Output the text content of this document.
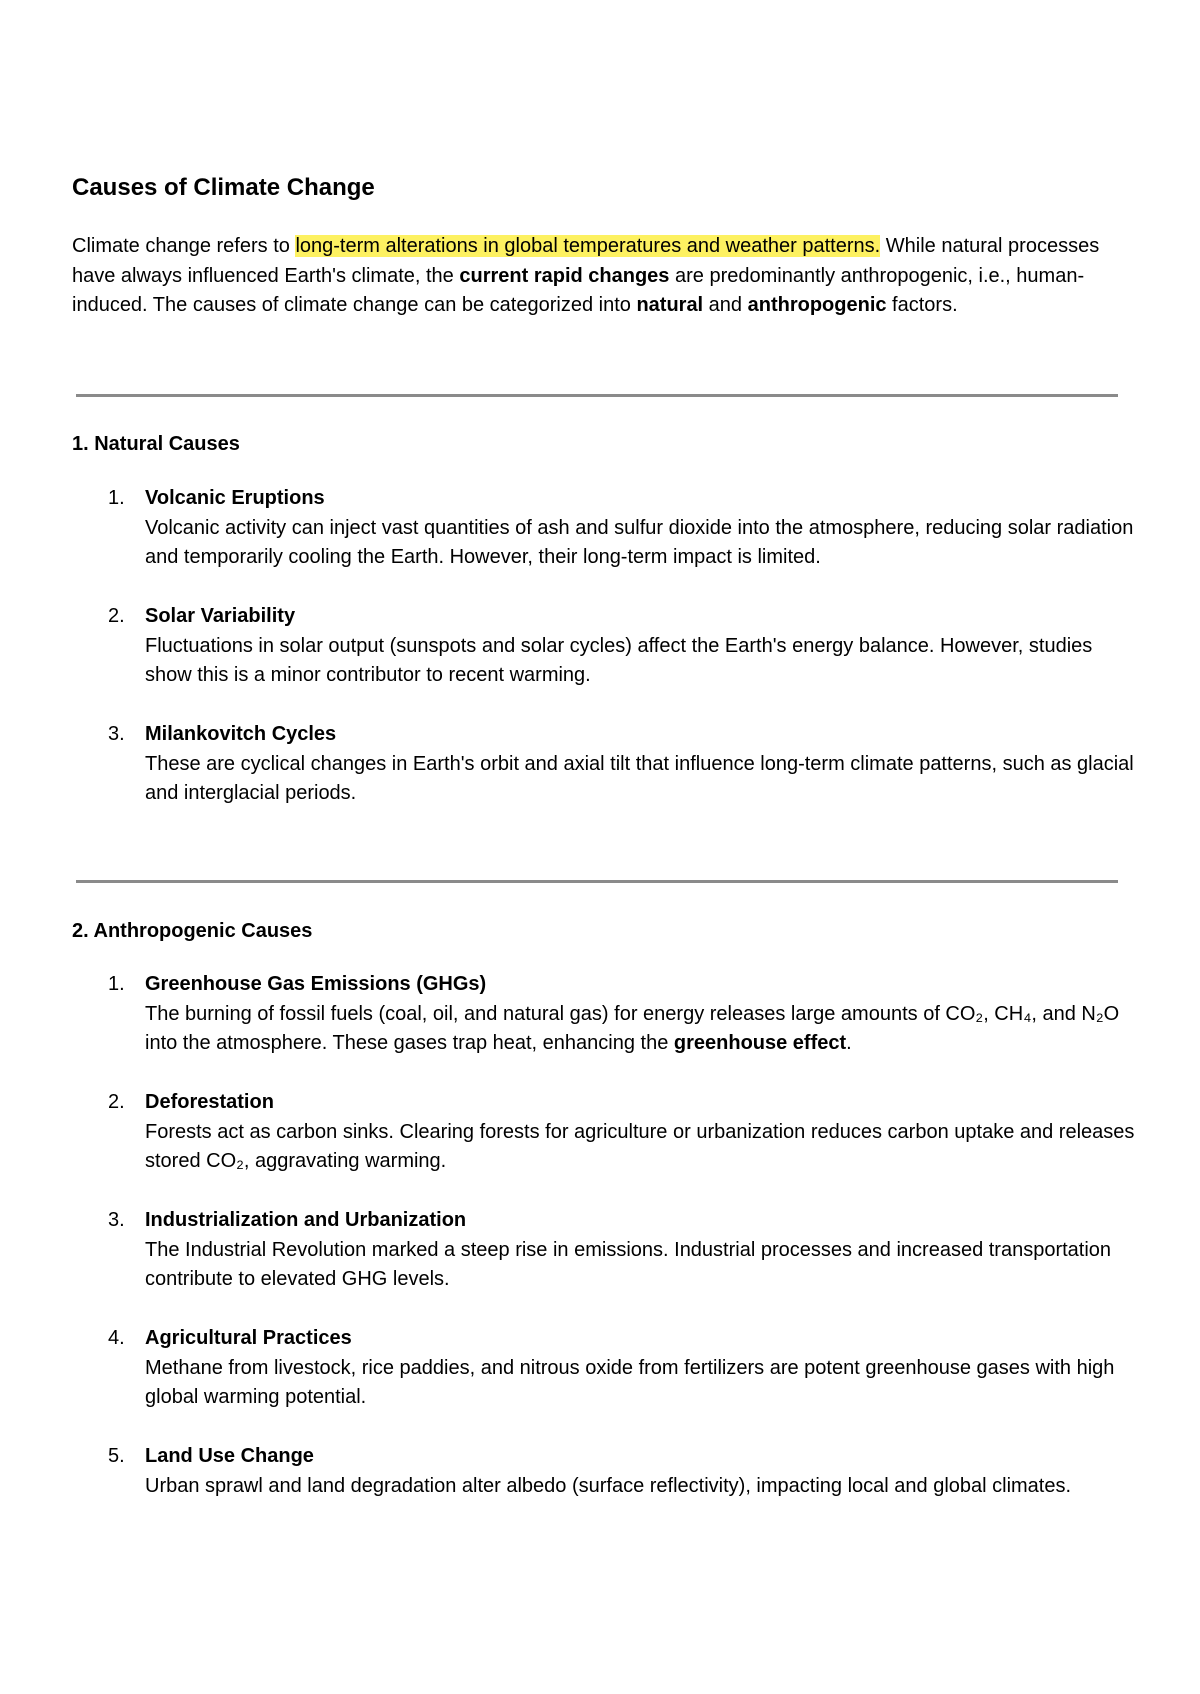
Causes of Climate Change

Climate change refers to long-term alterations in global temperatures and weather patterns. While natural processes have always influenced Earth's climate, the current rapid changes are predominantly anthropogenic, i.e., human-induced. The causes of climate change can be categorized into natural and anthropogenic factors.

1. Natural Causes
1.	Volcanic Eruptions
Volcanic activity can inject vast quantities of ash and sulfur dioxide into the atmosphere, reducing solar radiation and temporarily cooling the Earth. However, their long-term impact is limited.
2.	Solar Variability
Fluctuations in solar output (sunspots and solar cycles) affect the Earth's energy balance. However, studies show this is a minor contributor to recent warming.
3.	Milankovitch Cycles
These are cyclical changes in Earth's orbit and axial tilt that influence long-term climate patterns, such as glacial and interglacial periods.
2. Anthropogenic Causes
1.	Greenhouse Gas Emissions (GHGs)
The burning of fossil fuels (coal, oil, and natural gas) for energy releases large amounts of CO₂, CH₄, and N₂O into the atmosphere. These gases trap heat, enhancing the greenhouse effect.
2.	Deforestation
Forests act as carbon sinks. Clearing forests for agriculture or urbanization reduces carbon uptake and releases stored CO₂, aggravating warming.
3.	Industrialization and Urbanization
The Industrial Revolution marked a steep rise in emissions. Industrial processes and increased transportation contribute to elevated GHG levels.
4.	Agricultural Practices
Methane from livestock, rice paddies, and nitrous oxide from fertilizers are potent greenhouse gases with high global warming potential.
5.	Land Use Change
Urban sprawl and land degradation alter albedo (surface reflectivity), impacting local and global climates.
